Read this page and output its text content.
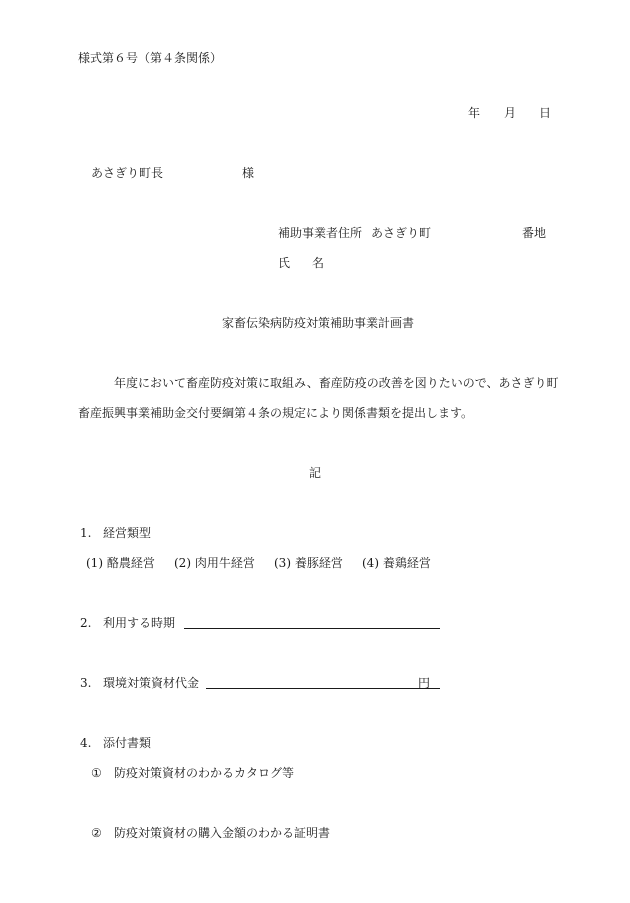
様式第６号（第４条関係）
年 月 日
あさぎり町長	様
補助事業者住所 あさぎり町	番地
氏 名
家畜伝染病防疫対策補助事業計画書
年度において畜産防疫対策に取組み、畜産防疫の改善を図りたいので、あさぎり町
畜産振興事業補助金交付要綱第４条の規定により関係書類を提出します。
記
1. 経営類型
(1) 酪農経営 (2) 肉用牛経営 (3) 養豚経営 (4) 養鶏経営
2. 利用する時期
3. 環境対策資材代金	円
4. 添付書類
① 防疫対策資材のわかるカタログ等
② 防疫対策資材の購入金額のわかる証明書
